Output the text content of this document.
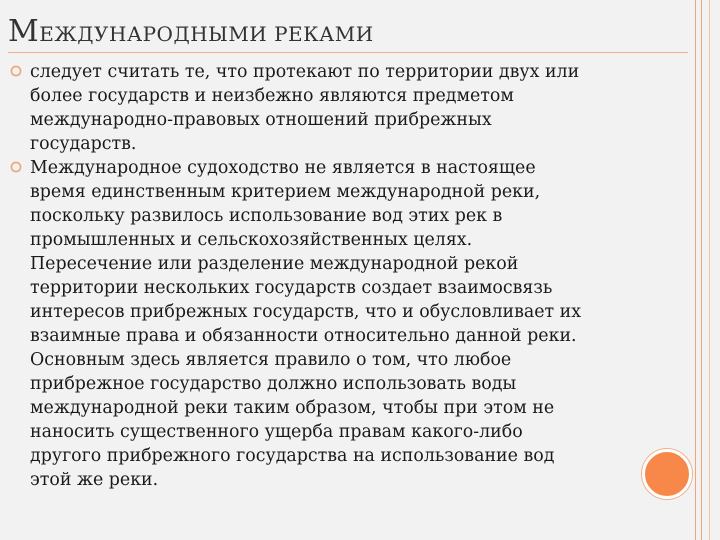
МЕЖДУНАРОДНЫМИ РЕКАМИ
следует считать те, что протекают по территории двух или
более государств и неизбежно являются предметом
международно-правовых отношений прибрежных
государств.
Международное судоходство не является в настоящее
время единственным критерием международной реки,
поскольку развилось использование вод этих рек в
промышленных и сельскохозяйственных целях.
Пересечение или разделение международной рекой
территории нескольких государств создает взаимосвязь
интересов прибрежных государств, что и обусловливает их
взаимные права и обязанности относительно данной реки.
Основным здесь является правило о том, что любое
прибрежное государство должно использовать воды
международной реки таким образом, чтобы при этом не
наносить существенного ущерба правам какого-либо
другого прибрежного государства на использование вод
этой же реки.
